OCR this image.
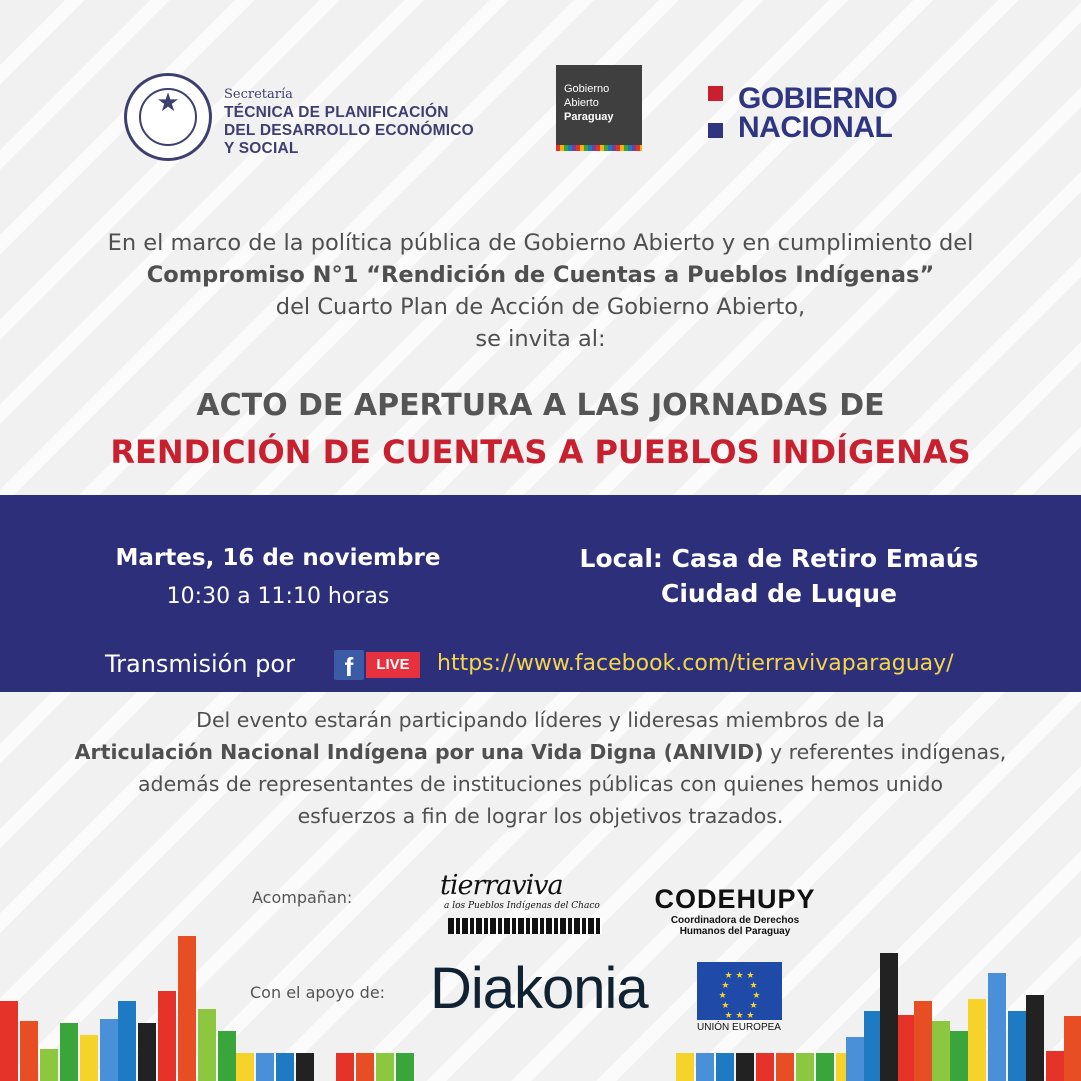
★	Secretaría
TÉCNICA DE PLANIFICACIÓN
DEL DESARROLLO ECONÓMICO
Y SOCIAL
Gobierno
Abierto
Paraguay
GOBIERNO
NACIONAL
En el marco de la política pública de Gobierno Abierto y en cumplimiento del
Compromiso N°1 “Rendición de Cuentas a Pueblos Indígenas”
del Cuarto Plan de Acción de Gobierno Abierto,
se invita al:
ACTO DE APERTURA A LAS JORNADAS DE
RENDICIÓN DE CUENTAS A PUEBLOS INDÍGENAS
Martes, 16 de noviembre
10:30 a 11:10 horas
Local: Casa de Retiro Emaús
Ciudad de Luque
Transmisión por	f	LIVE	https://www.facebook.com/tierravivaparaguay/
Del evento estarán participando líderes y lideresas miembros de la
Articulación Nacional Indígena por una Vida Digna (ANIVID) y referentes indígenas,
además de representantes de instituciones públicas con quienes hemos unido
esfuerzos a fin de lograr los objetivos trazados.
Acompañan:	tierraviva
a los Pueblos Indígenas del Chaco	CODEHUPY
Coordinadora de Derechos
Humanos del Paraguay
Con el apoyo de: Diakonia	★ ★ ★
★       ★
★         ★
★       ★
★ ★ ★
UNIÓN EUROPEA
